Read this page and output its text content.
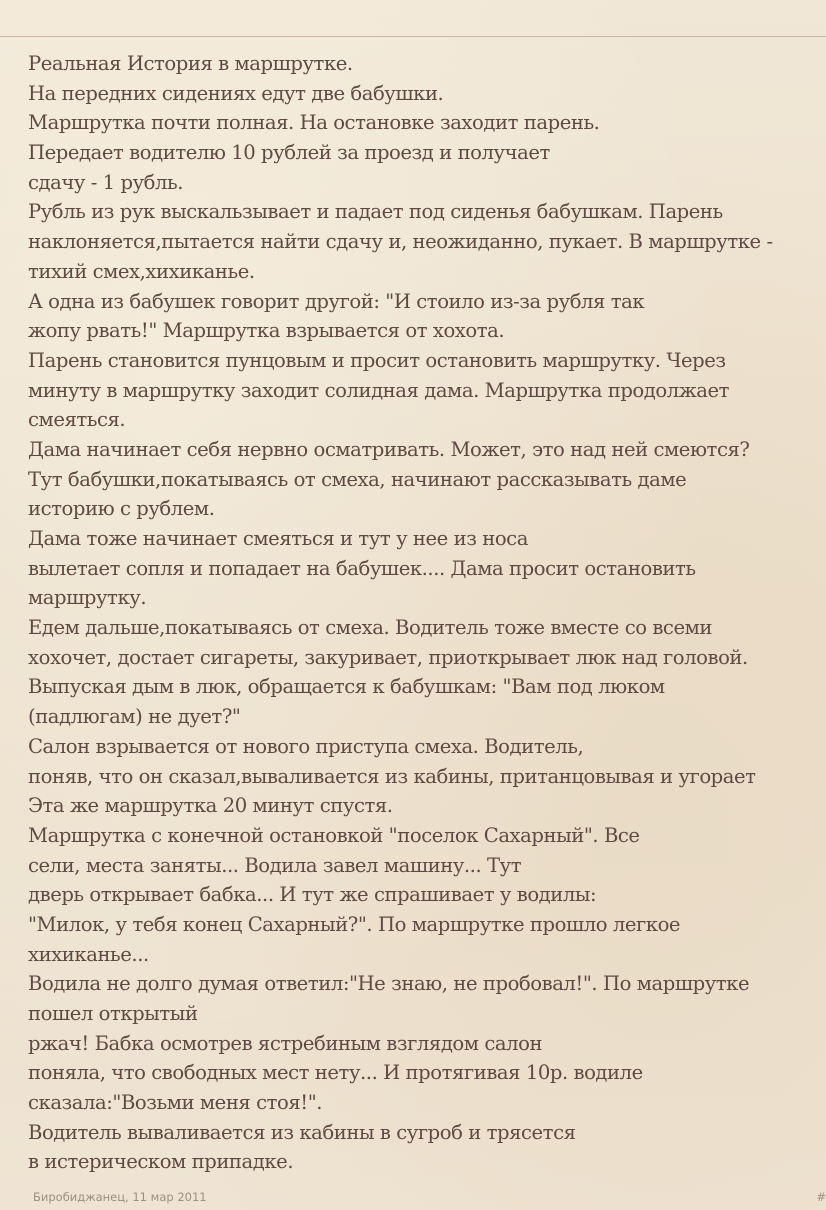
Реальная История в маршрутке.
На передних сидениях едут две бабушки.
Маршрутка почти полная. На остановке заходит парень.
Передает водителю 10 рублей за проезд и получает
сдачу - 1 рубль.
Рубль из рук выскальзывает и падает под сиденья бабушкам. Парень
наклоняется,пытается найти сдачу и, неожиданно, пукает. В маршрутке -
тихий смех,хихиканье.
А одна из бабушек говорит другой: "И стоило из-за рубля так
жопу рвать!" Маршрутка взрывается от хохота.
Парень становится пунцовым и просит остановить маршрутку. Через
минуту в маршрутку заходит солидная дама. Маршрутка продолжает
смеяться.
Дама начинает себя нервно осматривать. Может, это над ней смеются?
Тут бабушки,покатываясь от смеха, начинают рассказывать даме
историю с рублем.
Дама тоже начинает смеяться и тут у нее из носа
вылетает сопля и попадает на бабушек.... Дама просит остановить
маршрутку.
Едем дальше,покатываясь от смеха. Водитель тоже вместе со всеми
хохочет, достает сигареты, закуривает, приоткрывает люк над головой.
Выпуская дым в люк, обращается к бабушкам: "Вам под люком
(падлюгам) не дует?"
Салон взрывается от нового приступа смеха. Водитель,
поняв, что он сказал,вываливается из кабины, пританцовывая и угорает
Эта же маршрутка 20 минут спустя.
Маршрутка с конечной остановкой "поселок Сахарный". Все
сели, места заняты... Водила завел машину... Тут
дверь открывает бабка... И тут же спрашивает у водилы:
"Милок, у тебя конец Сахарный?". По маршрутке прошло легкое
хихиканье...
Водила не долго думая ответил:"Не знаю, не пробовал!". По маршрутке
пошел открытый
ржач! Бабка осмотрев ястребиным взглядом салон
поняла, что свободных мест нету... И протягивая 10р. водиле
сказала:"Возьми меня стоя!".
Водитель вываливается из кабины в сугроб и трясется
в истерическом припадке.
Биробиджанец, 11 мар 2011	#
